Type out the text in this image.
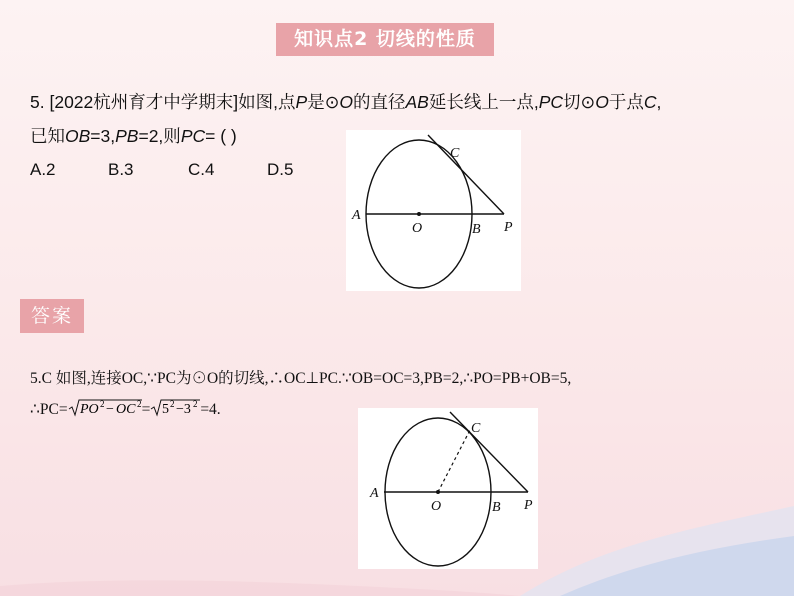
知识点2 切线的性质
5. [2022杭州育才中学期末]如图,点P是⊙O的直径AB延长线上一点,PC切⊙O于点C,
已知OB=3,PB=2,则PC= ( )
A.2	B.3	C.4	D.5
A
O	B P
C
答案
5.C 如图,连接OC,∵PC为⊙O的切线,∴OC⊥PC.∵OB=OC=3,PB=2,∴PO=PB+OB=5,
∴PC= PO 2 − OC 2 = 5 2 −3 2 =4.
A
O	B P
C
